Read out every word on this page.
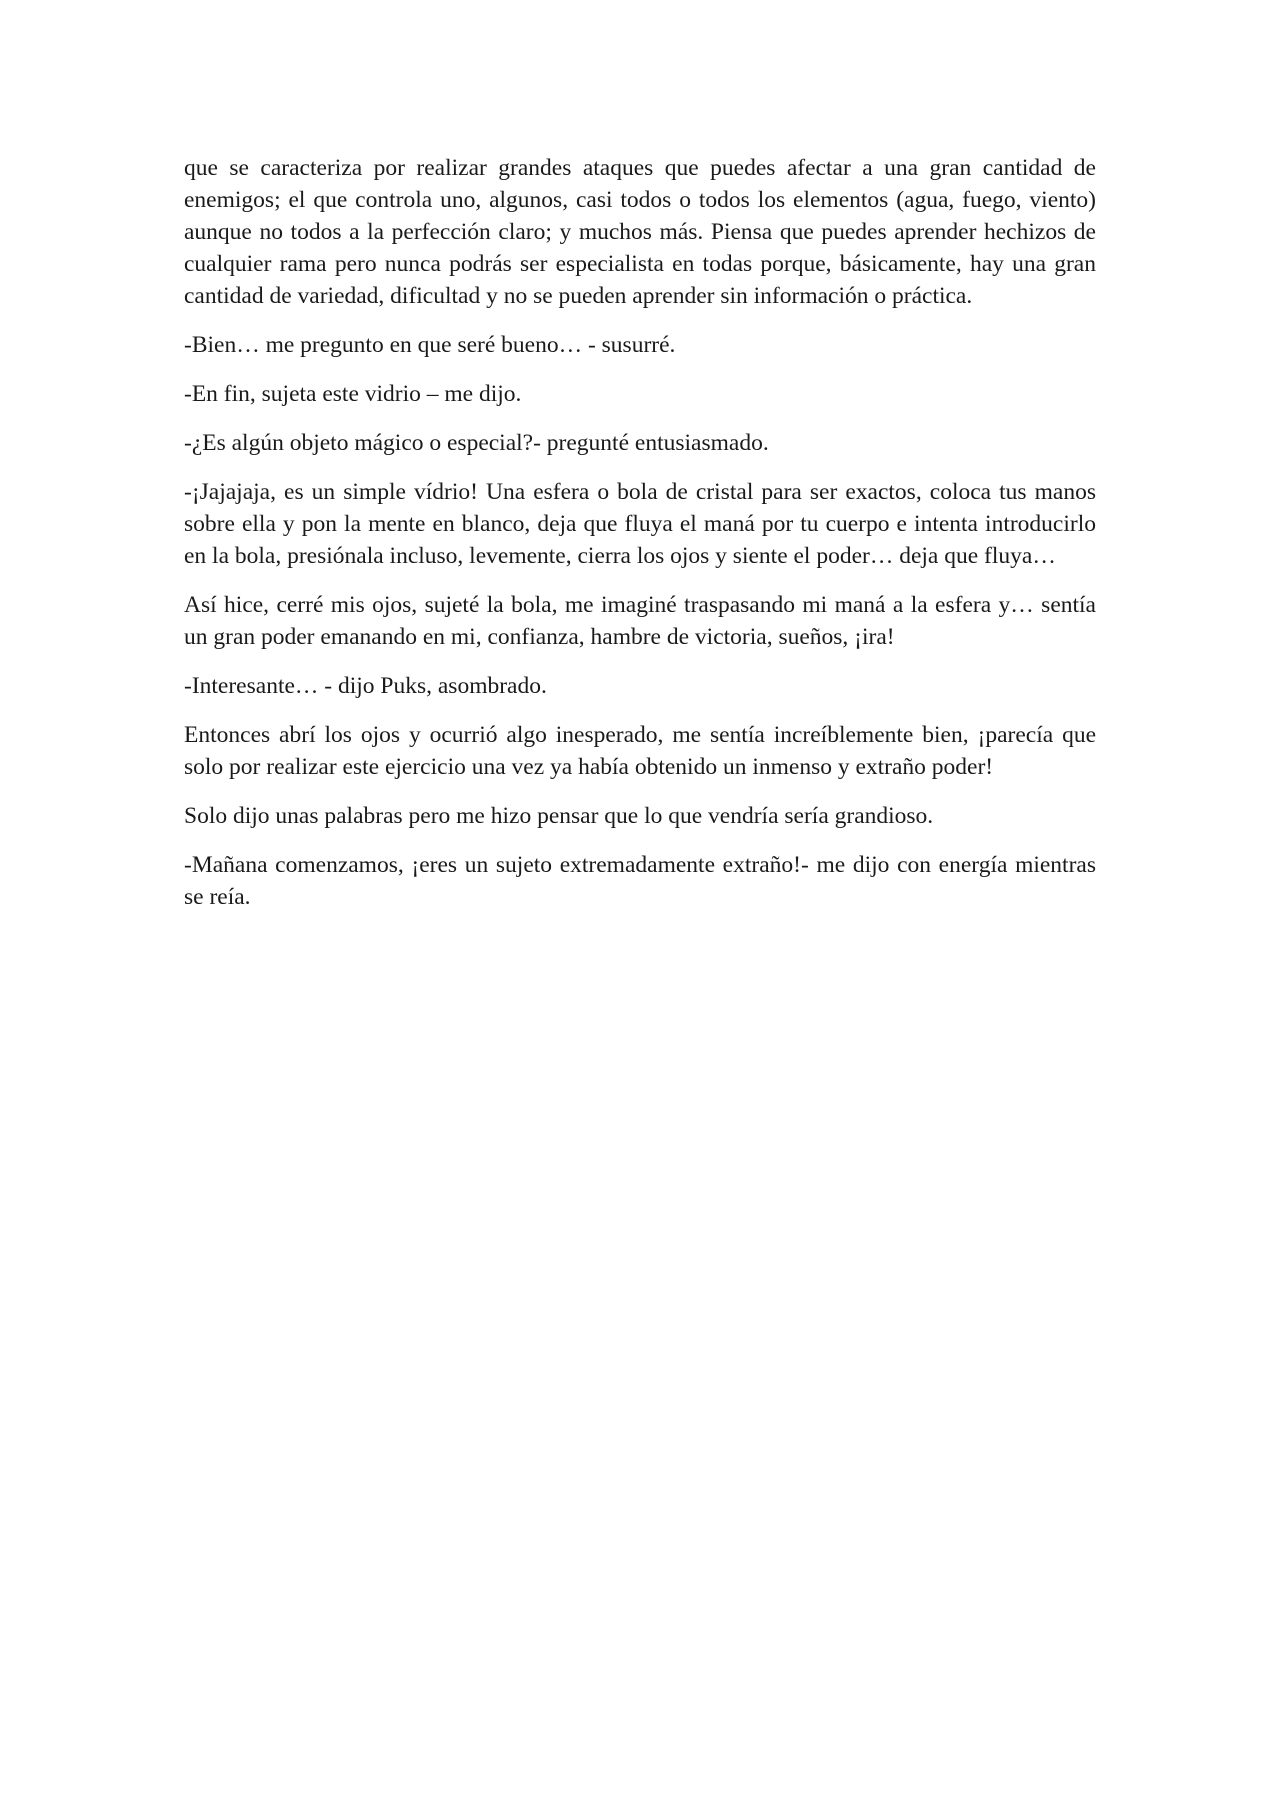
que se caracteriza por realizar grandes ataques que puedes afectar a una gran cantidad de enemigos; el que controla uno, algunos, casi todos o todos los elementos (agua, fuego, viento) aunque no todos a la perfección claro; y muchos más. Piensa que puedes aprender hechizos de cualquier rama pero nunca podrás ser especialista en todas porque, básicamente, hay una gran cantidad de variedad, dificultad y no se pueden aprender sin información o práctica.

-Bien… me pregunto en que seré bueno… - susurré.

-En fin, sujeta este vidrio – me dijo.

-¿Es algún objeto mágico o especial?- pregunté entusiasmado.

-¡Jajajaja, es un simple vídrio! Una esfera o bola de cristal para ser exactos, coloca tus manos sobre ella y pon la mente en blanco, deja que fluya el maná por tu cuerpo e intenta introducirlo en la bola, presiónala incluso, levemente, cierra los ojos y siente el poder… deja que fluya…

Así hice, cerré mis ojos, sujeté la bola, me imaginé traspasando mi maná a la esfera y… sentía un gran poder emanando en mi, confianza, hambre de victoria, sueños, ¡ira!

-Interesante… - dijo Puks, asombrado.

Entonces abrí los ojos y ocurrió algo inesperado, me sentía increíblemente bien, ¡parecía que solo por realizar este ejercicio una vez ya había obtenido un inmenso y extraño poder!

Solo dijo unas palabras pero me hizo pensar que lo que vendría sería grandioso.

-Mañana comenzamos, ¡eres un sujeto extremadamente extraño!- me dijo con energía mientras se reía.
